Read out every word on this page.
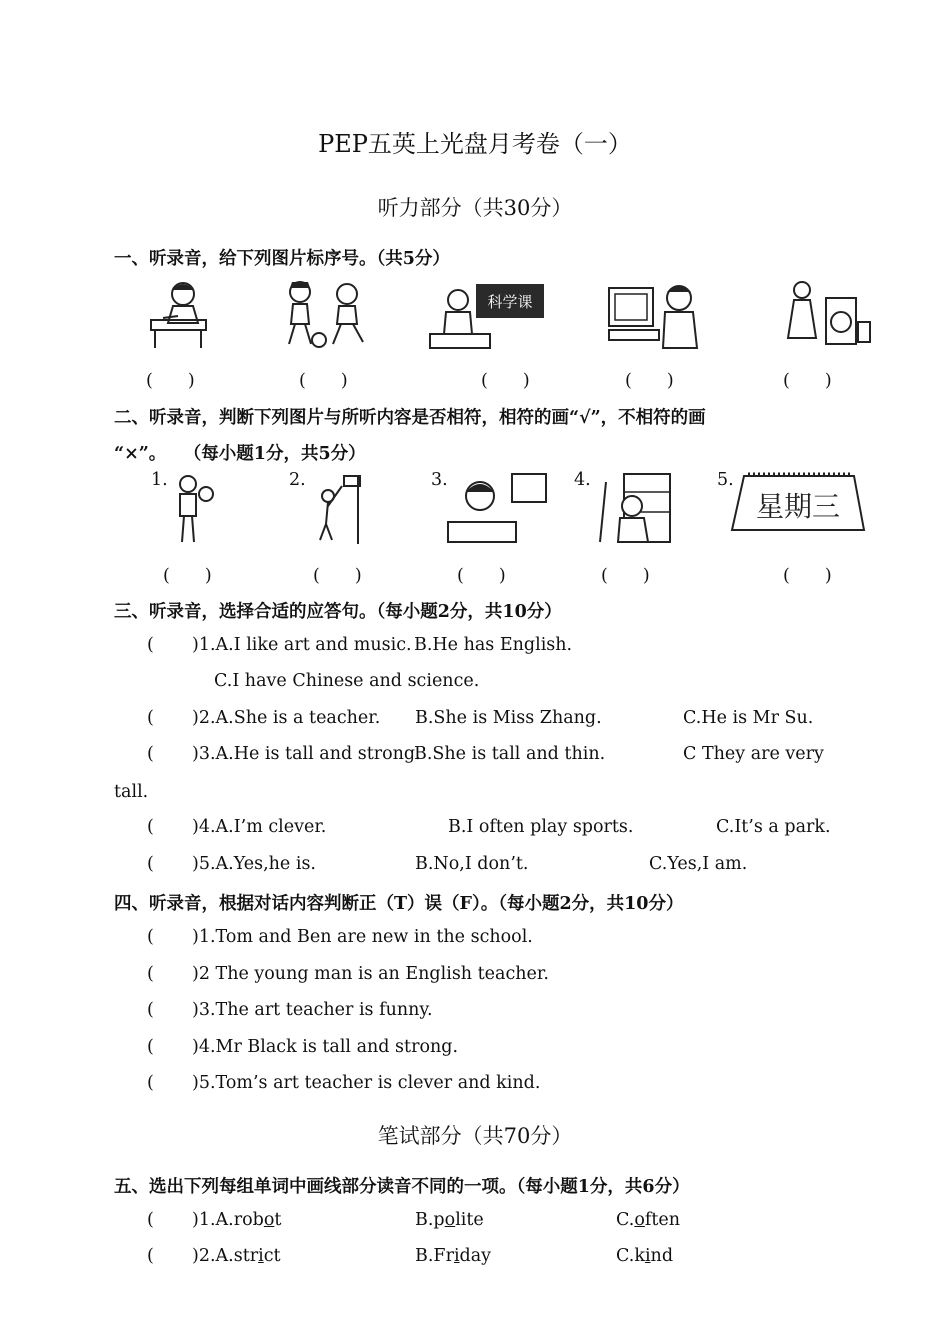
PEP五英上光盘月考卷（一）
听力部分（共30分）
一、听录音，给下列图片标序号。（共5分）
科学课
(　　)	(　　)	(　　)	(　　)	(　　)
二、听录音，判断下列图片与所听内容是否相符，相符的画“√”，不相符的画
“×”。　　（每小题1分，共5分）
1.	2.	3.	4.	5.
星期三
(　　)	(　　)	(　　)	(　　)	(　　)
三、听录音，选择合适的应答句。（每小题2分，共10分）
( )1.A.I like art and music. B.He has English.
C.I have Chinese and science.
( )2.A.She is a teacher. B.She is Miss Zhang.	C.He is Mr Su.
( )3.A.He is tall and strong.
B.She is tall and thin.	C They are very
tall.
( )4.A.I’m clever.	B.I often play sports.	C.It’s a park.
( )5.A.Yes,he is.	B.No,I don’t.	C.Yes,I am.
四、听录音，根据对话内容判断正（T）误（F）。（每小题2分，共10分）
( )1.Tom and Ben are new in the school.
( )2 The young man is an English teacher.
( )3.The art teacher is funny.
( )4.Mr Black is tall and strong.
( )5.Tom’s art teacher is clever and kind.
笔试部分（共70分）
五、选出下列每组单词中画线部分读音不同的一项。（每小题1分，共6分）
( )1.A.robot	B.polite	C.often
( )2.A.strict	B.Friday	C.kind
